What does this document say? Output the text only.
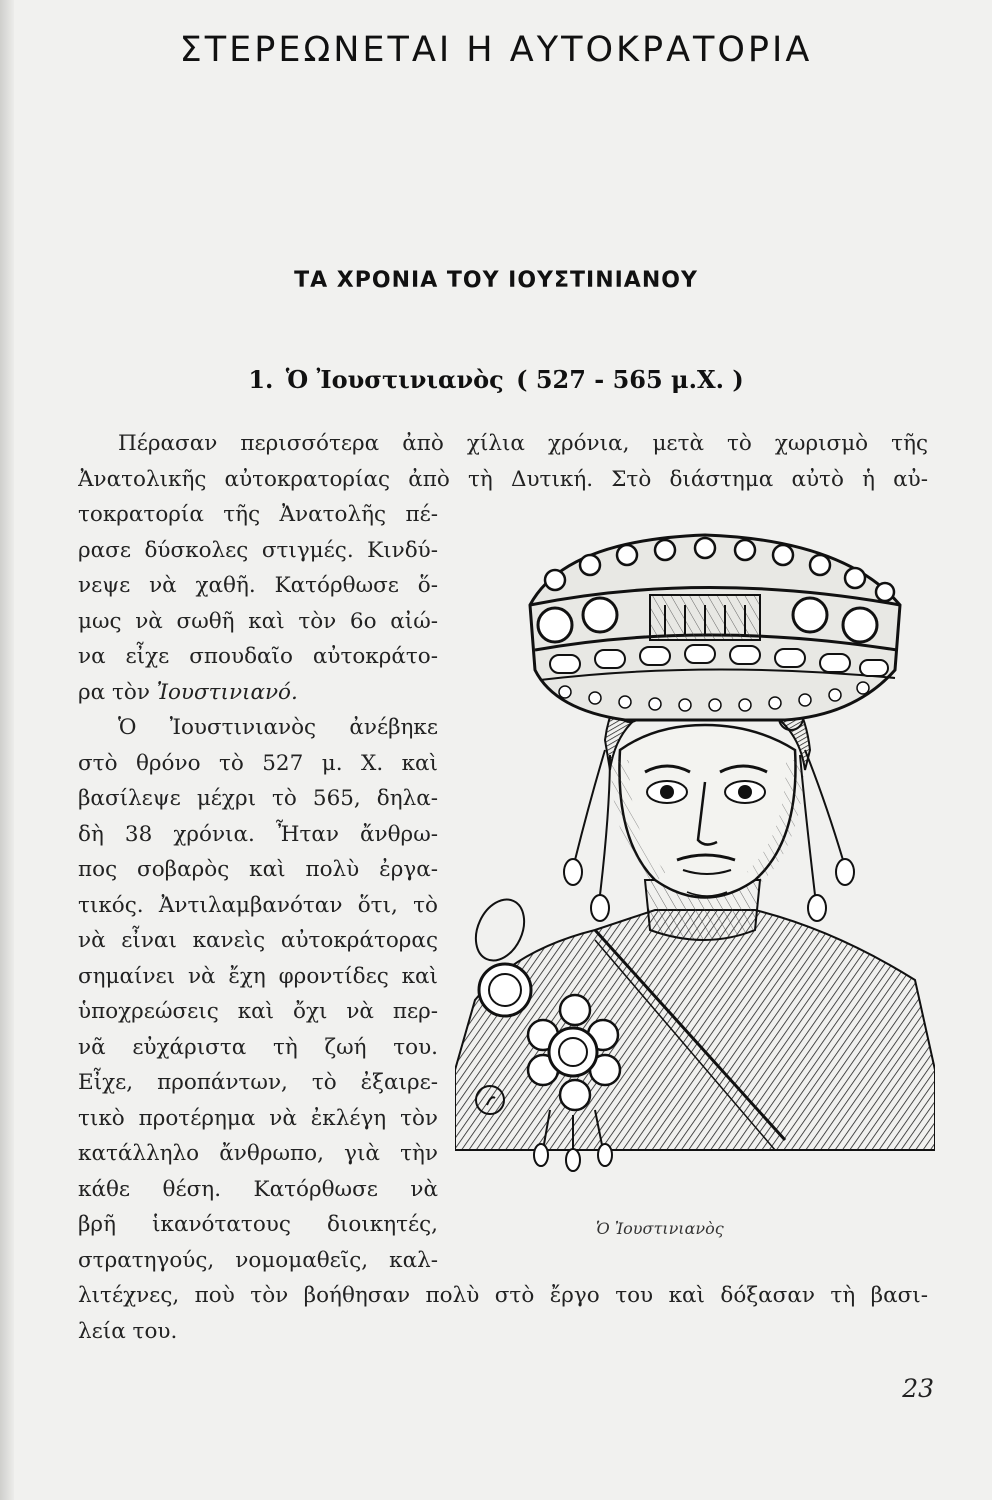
ΣΤΕΡΕΩΝΕΤΑΙ Η ΑΥΤΟΚΡΑΤΟΡΙΑ
ΤΑ ΧΡΟΝΙΑ ΤΟΥ ΙΟΥΣΤΙΝΙΑΝΟΥ
1. Ὁ Ἰουστινιανὸς ( 527 - 565 μ.Χ. )
Πέρασαν περισσότερα ἀπὸ χίλια χρόνια, μετὰ τὸ χωρισμὸ τῆς
Ἀνατολικῆς αὐτοκρατορίας ἀπὸ τὴ Δυτική. Στὸ διάστημα αὐτὸ ἡ αὐ-
τοκρατορία τῆς Ἀνατολῆς πέ-
ρασε δύσκολες στιγμές. Κινδύ-
νεψε νὰ χαθῆ. Κατόρθωσε ὅ-
μως νὰ σωθῆ καὶ τὸν 6ο αἰώ-
να εἶχε σπουδαῖο αὐτοκράτο-
ρα τὸν Ἰουστινιανό.
Ὁ Ἰουστινιανὸς ἀνέβηκε
στὸ θρόνο τὸ 527 μ. Χ. καὶ
βασίλεψε μέχρι τὸ 565, δηλα-
δὴ 38 χρόνια. Ἦταν ἄνθρω-
πος σοβαρὸς καὶ πολὺ ἐργα-
τικός. Ἀντιλαμβανόταν ὅτι, τὸ
νὰ εἶναι κανεὶς αὐτοκράτορας
σημαίνει νὰ ἔχη φροντίδες καὶ
ὑποχρεώσεις καὶ ὄχι νὰ περ-
νᾶ εὐχάριστα τὴ ζωή του.
Εἶχε, προπάντων, τὸ ἐξαιρε-
τικὸ προτέρημα νὰ ἐκλέγη τὸν
κατάλληλο ἄνθρωπο, γιὰ τὴν
κάθε θέση. Κατόρθωσε νὰ
βρῆ ἱκανότατους διοικητές,
στρατηγούς, νομομαθεῖς, καλ-
λιτέχνες, ποὺ τὸν βοήθησαν πολὺ στὸ ἔργο του καὶ δόξασαν τὴ βασι-
λεία του.
Ὁ Ἰουστινιανὸς
23
